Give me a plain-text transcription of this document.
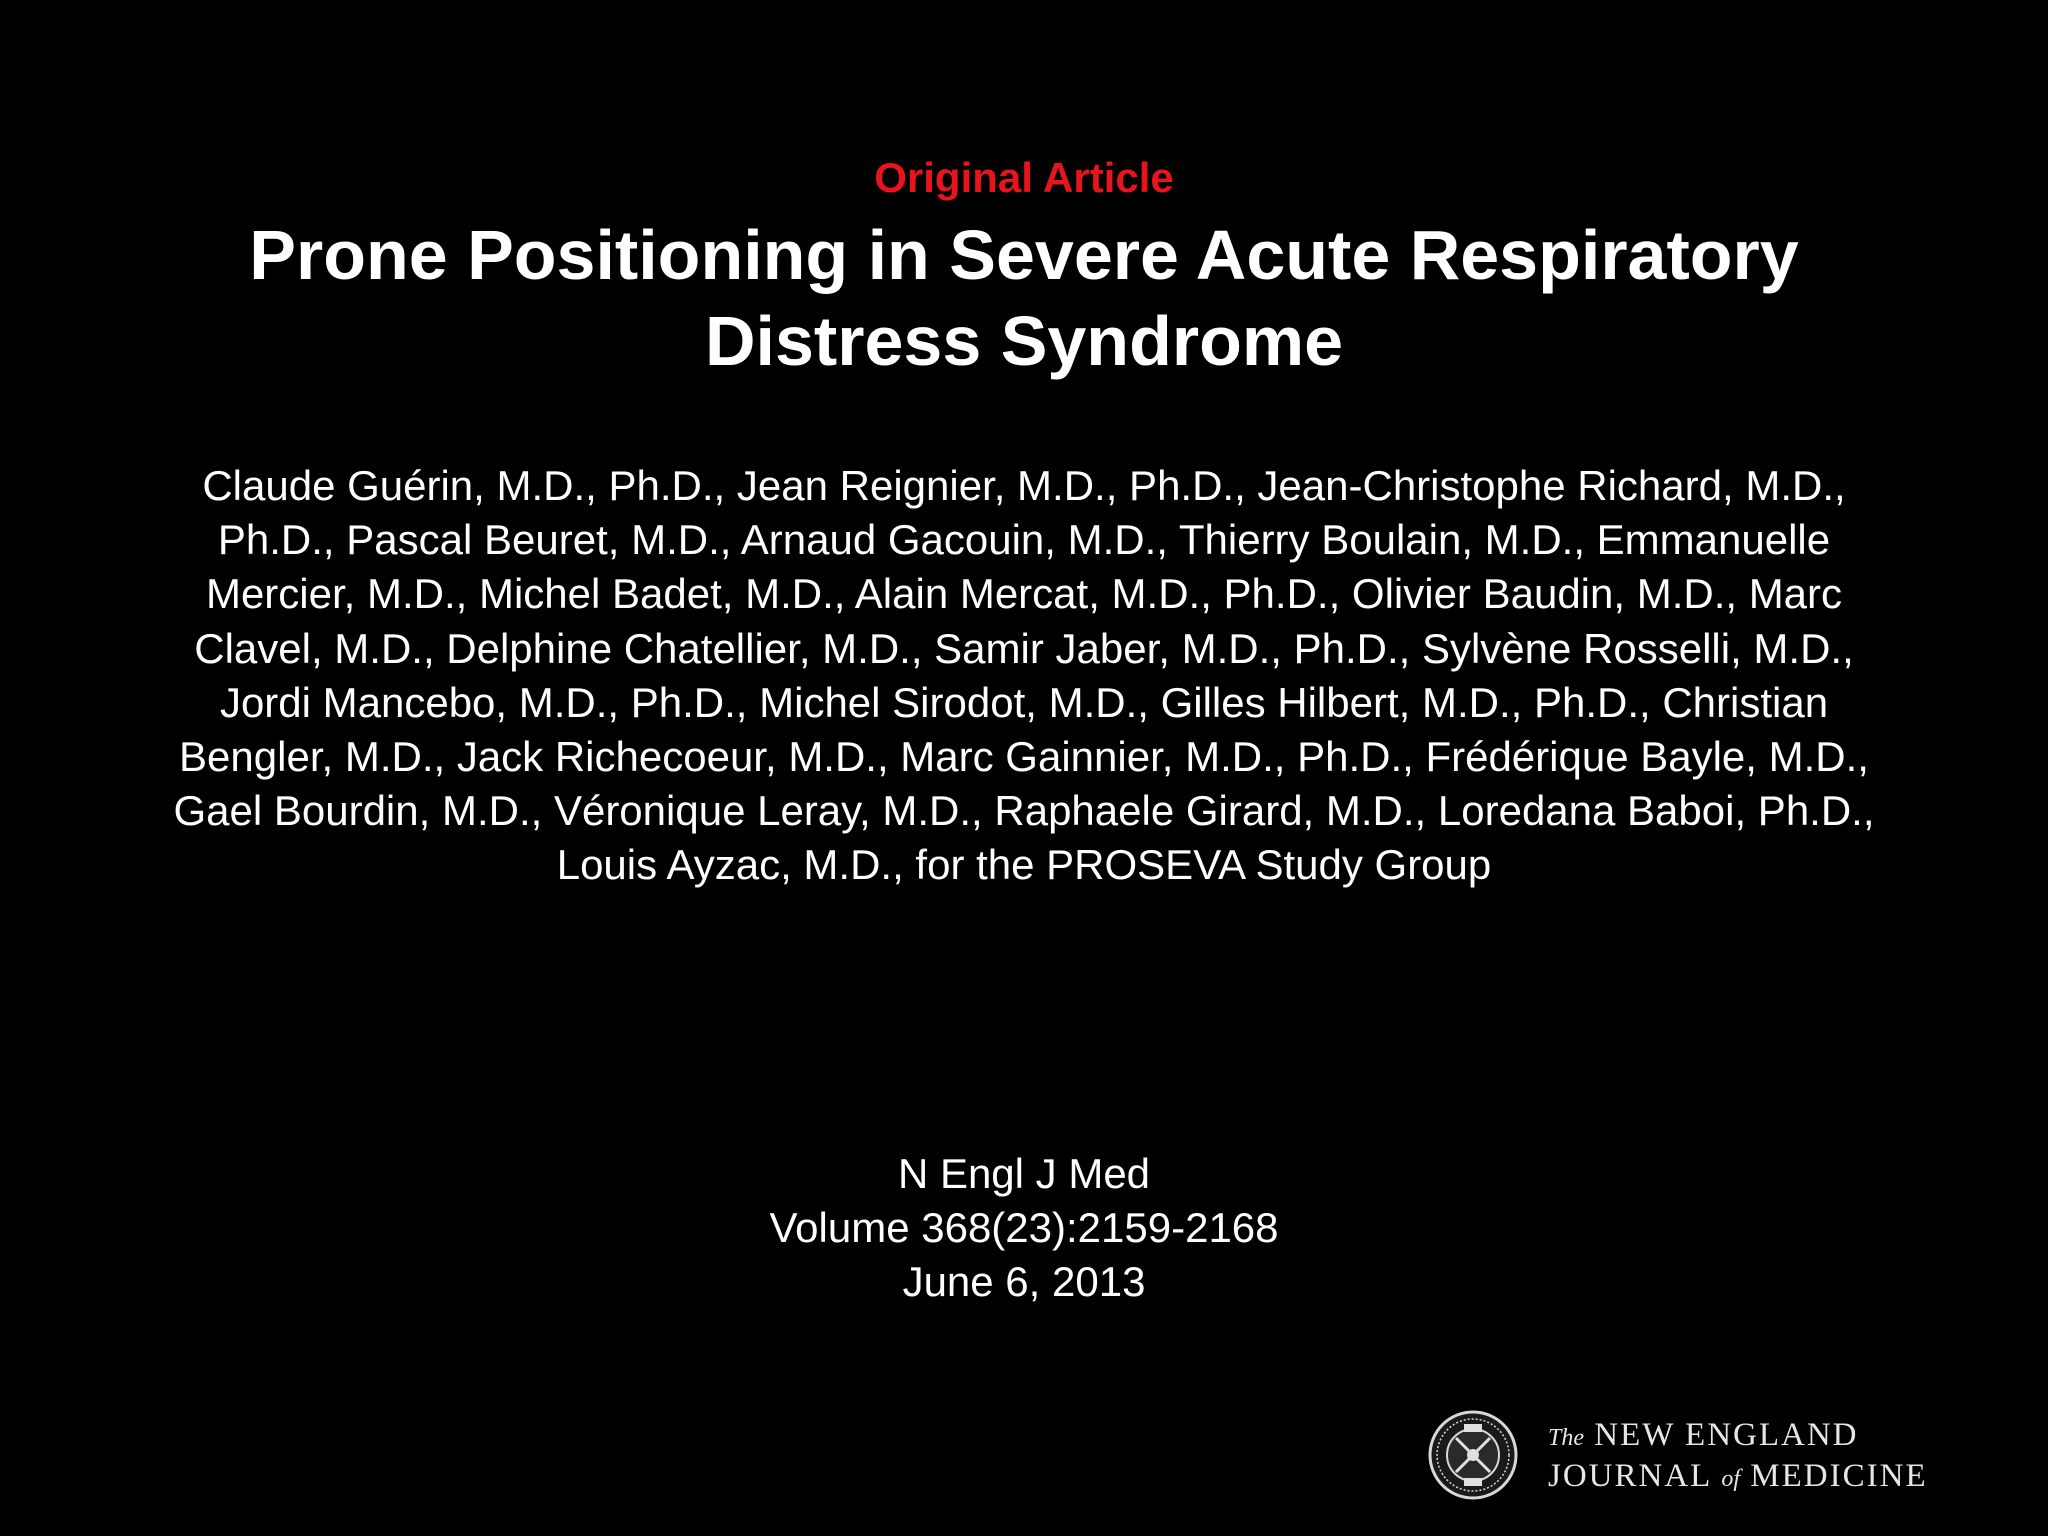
Original Article
Prone Positioning in Severe Acute Respiratory Distress Syndrome
Claude Guérin, M.D., Ph.D., Jean Reignier, M.D., Ph.D., Jean-Christophe Richard, M.D., Ph.D., Pascal Beuret, M.D., Arnaud Gacouin, M.D., Thierry Boulain, M.D., Emmanuelle Mercier, M.D., Michel Badet, M.D., Alain Mercat, M.D., Ph.D., Olivier Baudin, M.D., Marc Clavel, M.D., Delphine Chatellier, M.D., Samir Jaber, M.D., Ph.D., Sylvène Rosselli, M.D., Jordi Mancebo, M.D., Ph.D., Michel Sirodot, M.D., Gilles Hilbert, M.D., Ph.D., Christian Bengler, M.D., Jack Richecoeur, M.D., Marc Gainnier, M.D., Ph.D., Frédérique Bayle, M.D., Gael Bourdin, M.D., Véronique Leray, M.D., Raphaele Girard, M.D., Loredana Baboi, Ph.D., Louis Ayzac, M.D., for the PROSEVA Study Group
N Engl J Med
Volume 368(23):2159-2168
June 6, 2013
The NEW ENGLAND
JOURNAL of MEDICINE
